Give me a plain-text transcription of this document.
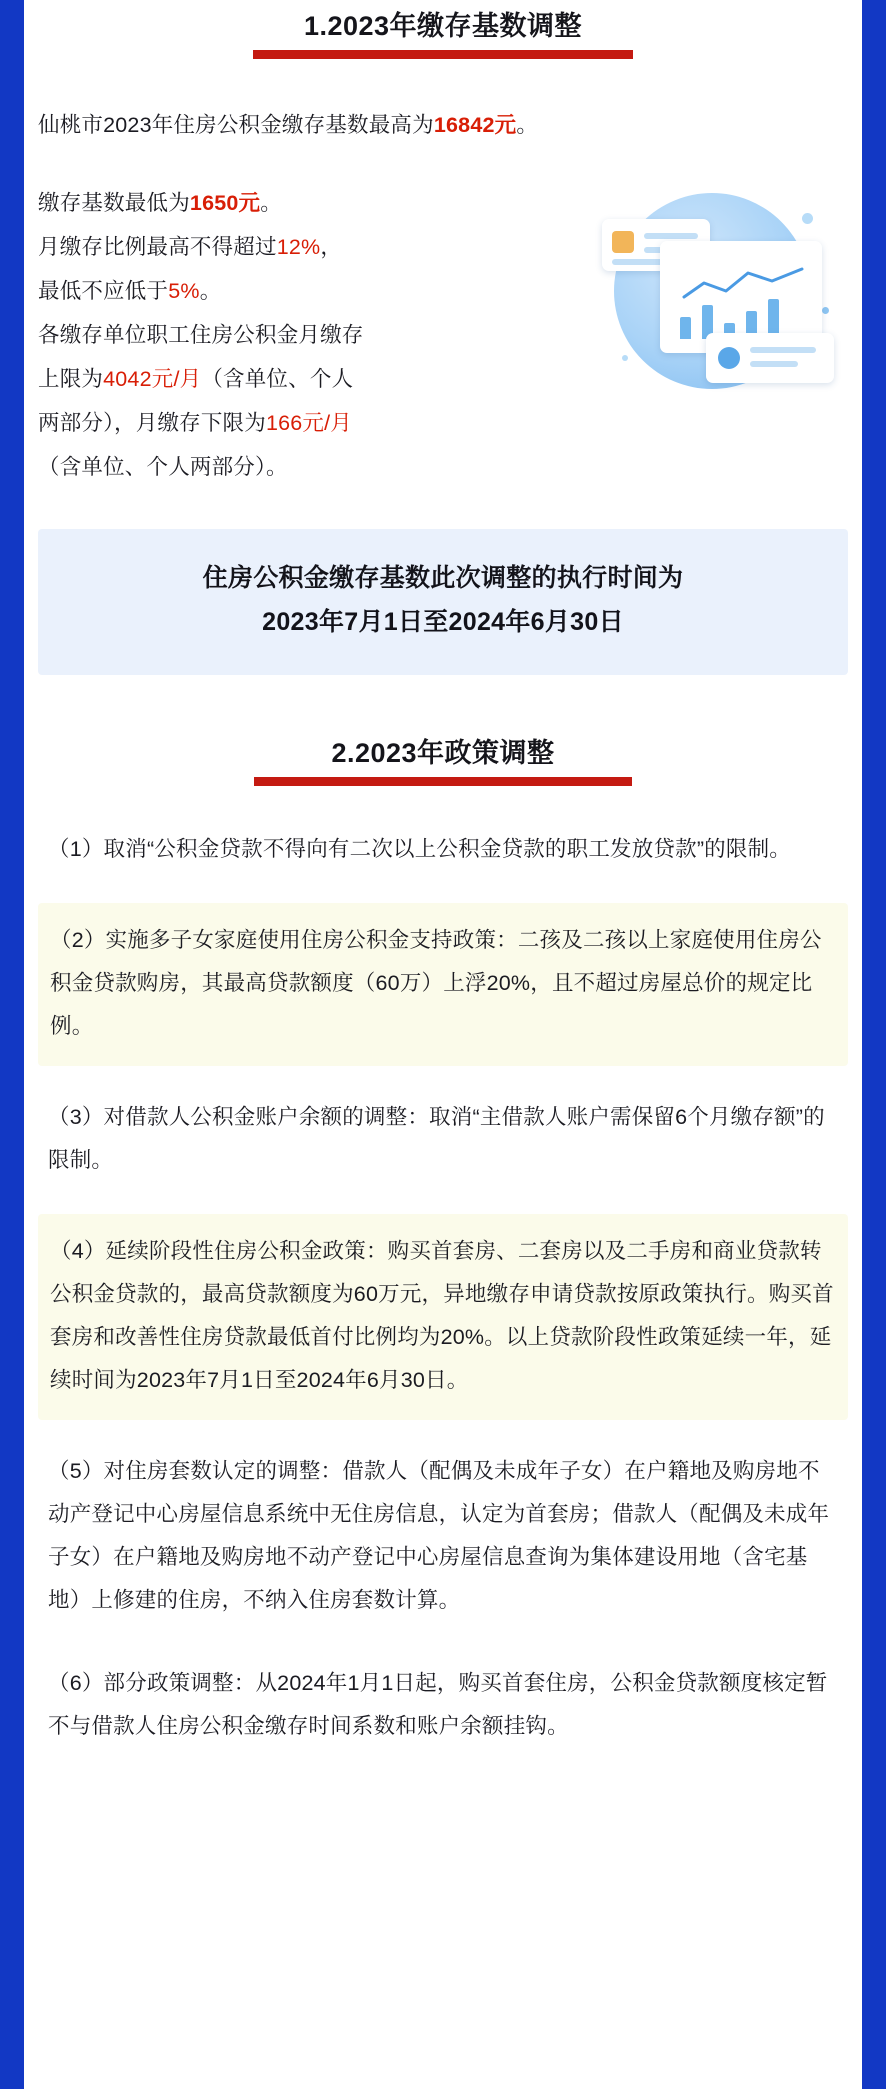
1.2023年缴存基数调整
仙桃市2023年住房公积金缴存基数最高为16842元。
缴存基数最低为1650元。
月缴存比例最高不得超过12%，
最低不应低于5%。
各缴存单位职工住房公积金月缴存
上限为4042元/月（含单位、个人
两部分），月缴存下限为166元/月
（含单位、个人两部分）。
住房公积金缴存基数此次调整的执行时间为
2023年7月1日至2024年6月30日
2.2023年政策调整
（1）取消“公积金贷款不得向有二次以上公积金贷款的职工发放贷款”的限制。
（2）实施多子女家庭使用住房公积金支持政策：二孩及二孩以上家庭使用住房公积金贷款购房，其最高贷款额度（60万）上浮20%，且不超过房屋总价的规定比例。
（3）对借款人公积金账户余额的调整：取消“主借款人账户需保留6个月缴存额”的限制。
（4）延续阶段性住房公积金政策：购买首套房、二套房以及二手房和商业贷款转公积金贷款的，最高贷款额度为60万元，异地缴存申请贷款按原政策执行。购买首套房和改善性住房贷款最低首付比例均为20%。以上贷款阶段性政策延续一年，延续时间为2023年7月1日至2024年6月30日。
（5）对住房套数认定的调整：借款人（配偶及未成年子女）在户籍地及购房地不动产登记中心房屋信息系统中无住房信息，认定为首套房；借款人（配偶及未成年子女）在户籍地及购房地不动产登记中心房屋信息查询为集体建设用地（含宅基地）上修建的住房，不纳入住房套数计算。
（6）部分政策调整：从2024年1月1日起，购买首套住房，公积金贷款额度核定暂不与借款人住房公积金缴存时间系数和账户余额挂钩。
